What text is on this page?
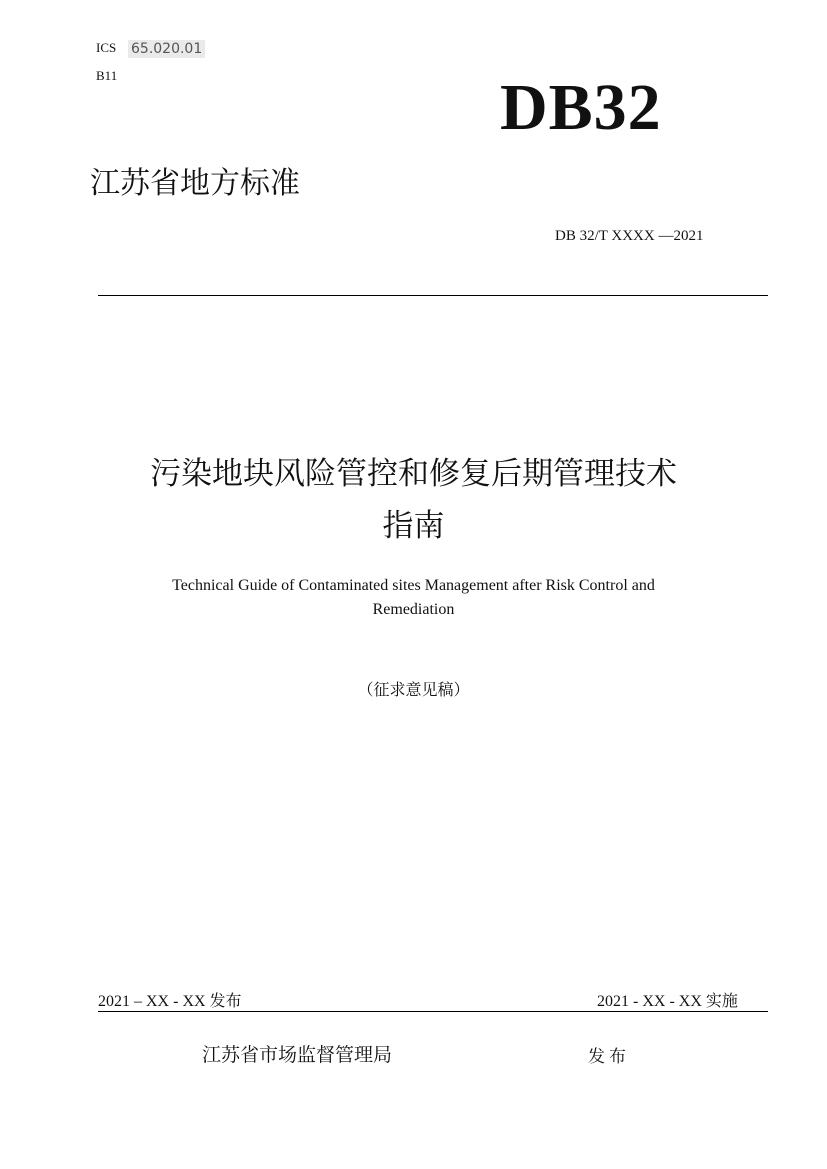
ICS 65.020.01
B11	DB32
江苏省地方标准
DB 32/T XXXX —2021
污染地块风险管控和修复后期管理技术
指南
Technical Guide of Contaminated sites Management after Risk Control and
Remediation
（征求意见稿）
2021 – XX - XX 发布	2021 - XX - XX 实施
江苏省市场监督管理局	发布
